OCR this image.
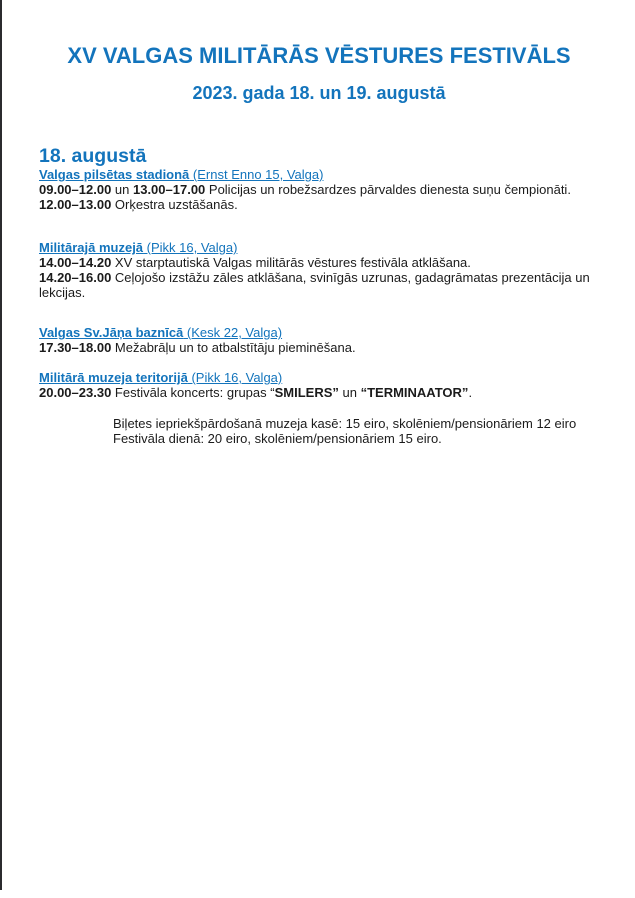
XV VALGAS MILITĀRĀS VĒSTURES FESTIVĀLS
2023. gada 18. un 19. augustā
18. augustā
Valgas pilsētas stadionā (Ernst Enno 15, Valga)

09.00–12.00 un 13.00–17.00 Policijas un robežsardzes pārvaldes dienesta suņu čempionāti.

12.00–13.00 Orķestra uzstāšanās.

Militārajā muzejā (Pikk 16, Valga)

14.00–14.20 XV starptautiskā Valgas militārās vēstures festivāla atklāšana.

14.20–16.00 Ceļojošo izstāžu zāles atklāšana, svinīgās uzrunas, gadagrāmatas prezentācija un lekcijas.

Valgas Sv.Jāņa baznīcā (Kesk 22, Valga)

17.30–18.00 Mežabrāļu un to atbalstītāju pieminēšana.

Militārā muzeja teritorijā (Pikk 16, Valga)

20.00–23.30 Festivāla koncerts: grupas “SMILERS” un “TERMINAATOR”.

Biļetes iepriekšpārdošanā muzeja kasē: 15 eiro, skolēniem/pensionāriem 12 eiro
Festivāla dienā: 20 eiro, skolēniem/pensionāriem 15 eiro.
